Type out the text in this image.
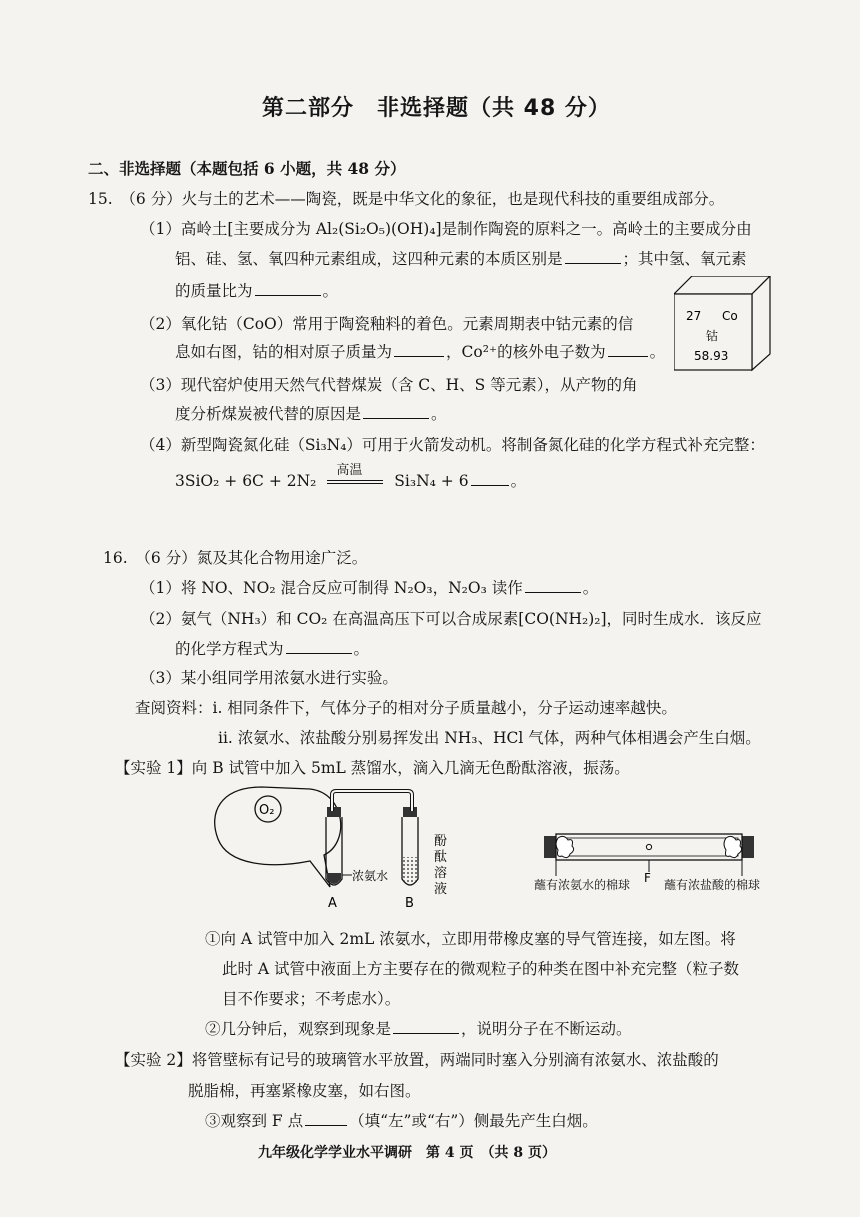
第二部分　非选择题（共 48 分）
二、非选择题（本题包括 6 小题，共 48 分）
15.　（6 分）火与土的艺术——陶瓷，既是中华文化的象征，也是现代科技的重要组成部分。
（1）高岭土[主要成分为 Al₂(Si₂O₅)(OH)₄]是制作陶瓷的原料之一。高岭土的主要成分由
铝、硅、氢、氧四种元素组成，这四种元素的本质区别是	；其中氢、氧元素
的质量比为	。
（2）氧化钴（CoO）常用于陶瓷釉料的着色。元素周期表中钴元素的信
息如右图，钴的相对原子质量为	，Co²⁺的核外电子数为	。
（3）现代窑炉使用天然气代替煤炭（含 C、H、S 等元素），从产物的角
度分析煤炭被代替的原因是	。
（4）新型陶瓷氮化硅（Si₃N₄）可用于火箭发动机。将制备氮化硅的化学方程式补充完整：
3SiO₂ + 6C + 2N₂
高温
Si₃N₄ + 6	。
27 Co
钴
58.93
16.　（6 分）氮及其化合物用途广泛。
（1）将 NO、NO₂ 混合反应可制得 N₂O₃，N₂O₃ 读作	。
（2）氨气（NH₃）和 CO₂ 在高温高压下可以合成尿素[CO(NH₂)₂]，同时生成水．该反应
的化学方程式为	。
（3）某小组同学用浓氨水进行实验。
查阅资料：i. 相同条件下，气体分子的相对分子质量越小，分子运动速率越快。
ii. 浓氨水、浓盐酸分别易挥发出 NH₃、HCl 气体，两种气体相遇会产生白烟。
【实验 1】向 B 试管中加入 5mL 蒸馏水，滴入几滴无色酚酞溶液，振荡。
O₂
浓氨水
酚
酞
溶
液
A	B
F
蘸有浓氨水的棉球	蘸有浓盐酸的棉球
①向 A 试管中加入 2mL 浓氨水，立即用带橡皮塞的导气管连接，如左图。将
此时 A 试管中液面上方主要存在的微观粒子的种类在图中补充完整（粒子数
目不作要求；不考虑水）。
②几分钟后，观察到现象是	，说明分子在不断运动。
【实验 2】将管壁标有记号的玻璃管水平放置，两端同时塞入分别滴有浓氨水、浓盐酸的
脱脂棉，再塞紧橡皮塞，如右图。
③观察到 F 点	（填“左”或“右”）侧最先产生白烟。
九年级化学学业水平调研　第 4 页　（共 8 页）
